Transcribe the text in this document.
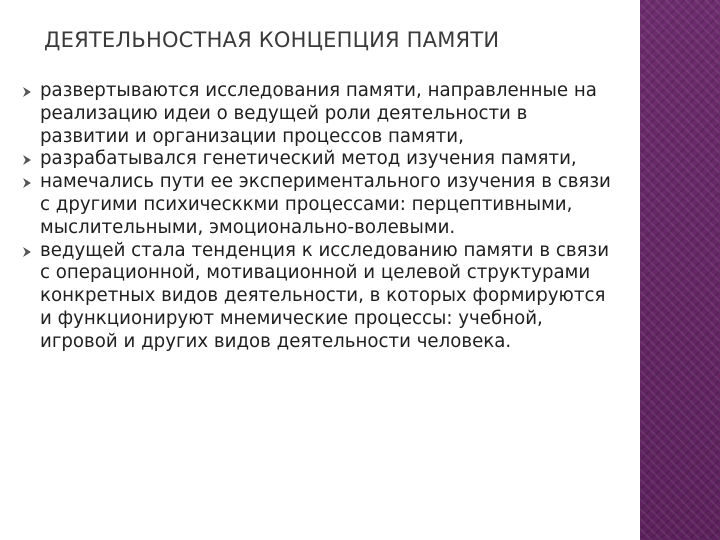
ДЕЯТЕЛЬНОСТНАЯ КОНЦЕПЦИЯ ПАМЯТИ
развертываются исследования памяти, направленные на реализацию идеи о ведущей роли деятельности в развитии и организации процессов памяти,
разрабатывался генетический метод изучения памяти,
намечались пути ее экспериментального изучения в связи с другими психическкми процессами: перцептивными, мыслительными, эмоционально-волевыми.
ведущей стала тенденция к исследованию памяти в связи с операционной, мотивационной и целевой структурами конкретных видов деятельности, в которых формируются и функционируют мнемические процессы: учебной, игровой и других видов деятельности человека.
